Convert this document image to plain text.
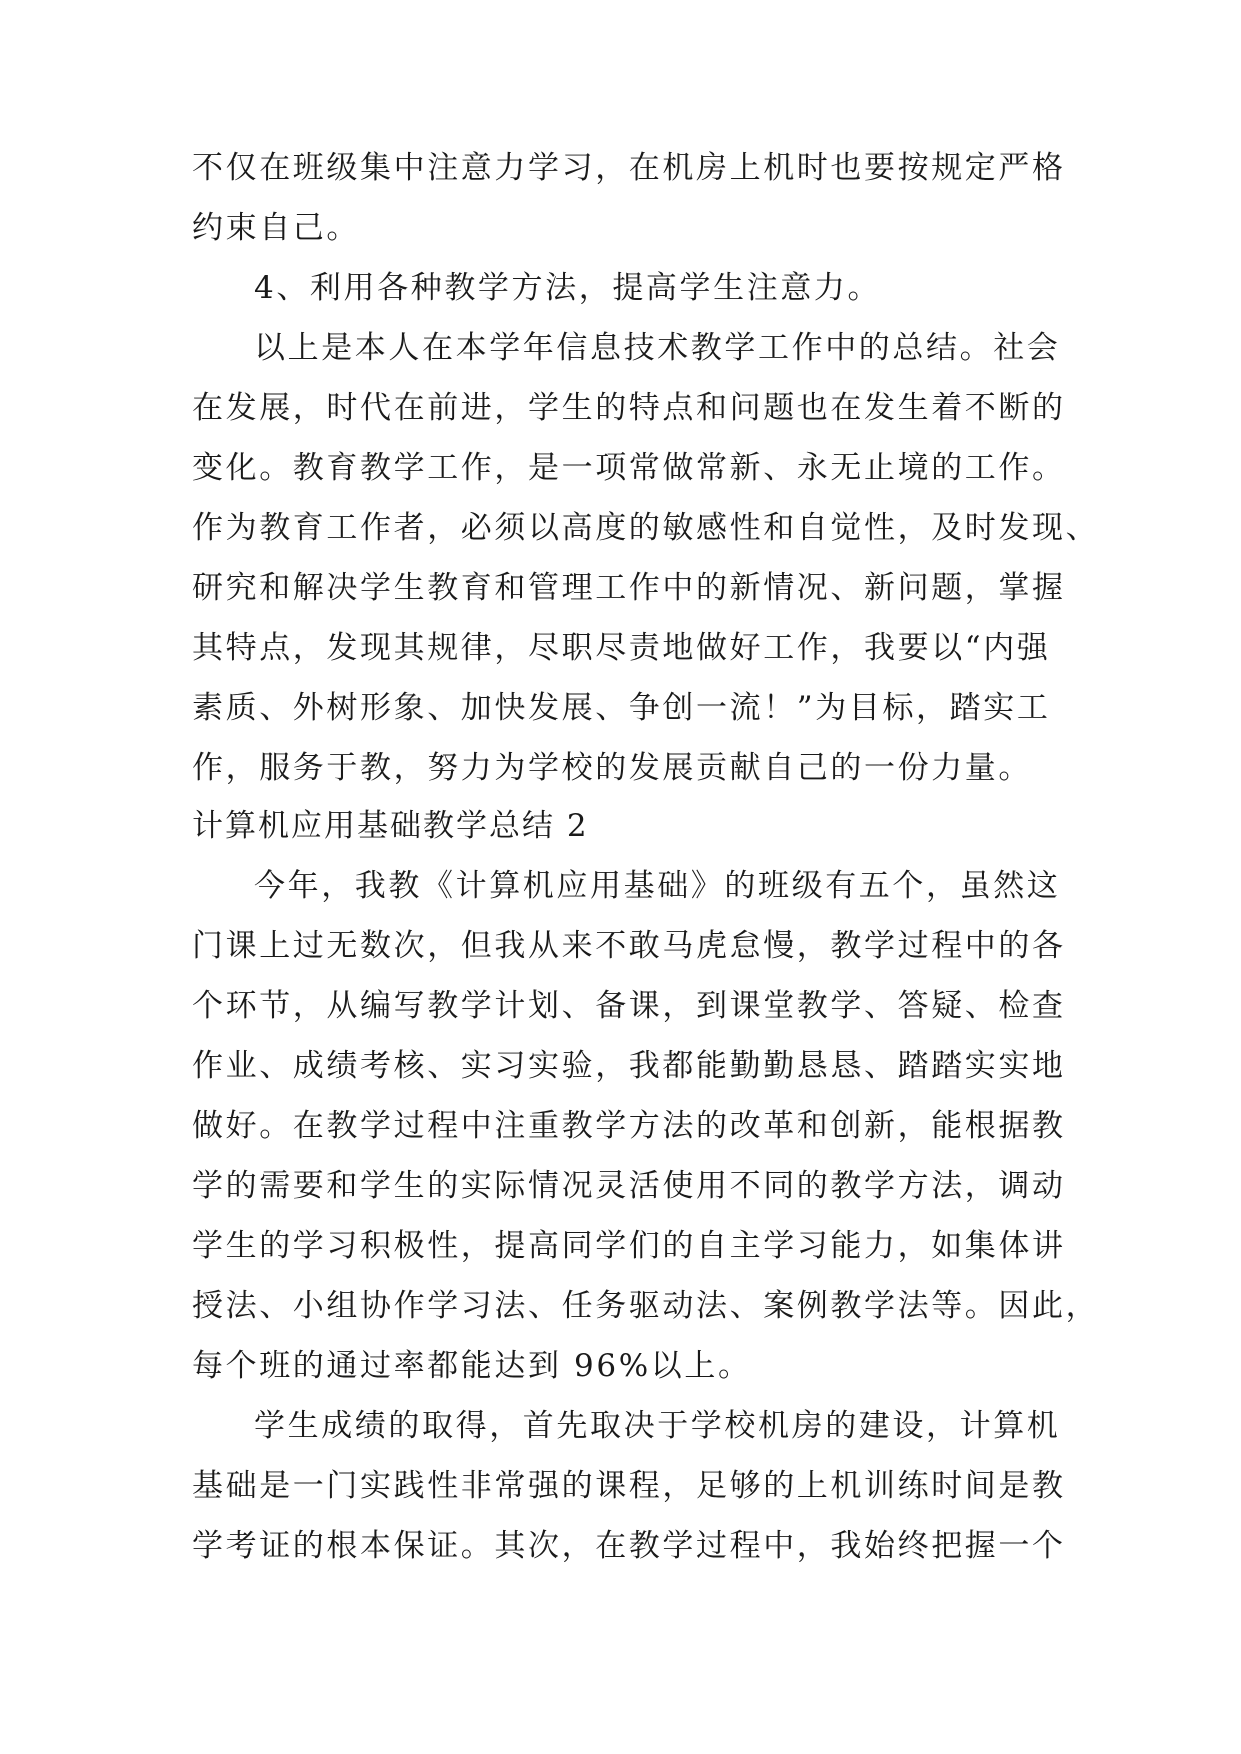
不仅在班级集中注意力学习，在机房上机时也要按规定严格
约束自己。
4、利用各种教学方法，提高学生注意力。
以上是本人在本学年信息技术教学工作中的总结。社会
在发展，时代在前进，学生的特点和问题也在发生着不断的
变化。教育教学工作，是一项常做常新、永无止境的工作。
作为教育工作者，必须以高度的敏感性和自觉性，及时发现、
研究和解决学生教育和管理工作中的新情况、新问题，掌握
其特点，发现其规律，尽职尽责地做好工作，我要以“内强
素质、外树形象、加快发展、争创一流！”为目标，踏实工
作，服务于教，努力为学校的发展贡献自己的一份力量。
计算机应用基础教学总结 2
今年，我教《计算机应用基础》的班级有五个，虽然这
门课上过无数次，但我从来不敢马虎怠慢，教学过程中的各
个环节，从编写教学计划、备课，到课堂教学、答疑、检查
作业、成绩考核、实习实验，我都能勤勤恳恳、踏踏实实地
做好。在教学过程中注重教学方法的改革和创新，能根据教
学的需要和学生的实际情况灵活使用不同的教学方法，调动
学生的学习积极性，提高同学们的自主学习能力，如集体讲
授法、小组协作学习法、任务驱动法、案例教学法等。因此，
每个班的通过率都能达到 96%以上。
学生成绩的取得，首先取决于学校机房的建设，计算机
基础是一门实践性非常强的课程，足够的上机训练时间是教
学考证的根本保证。其次，在教学过程中，我始终把握一个
